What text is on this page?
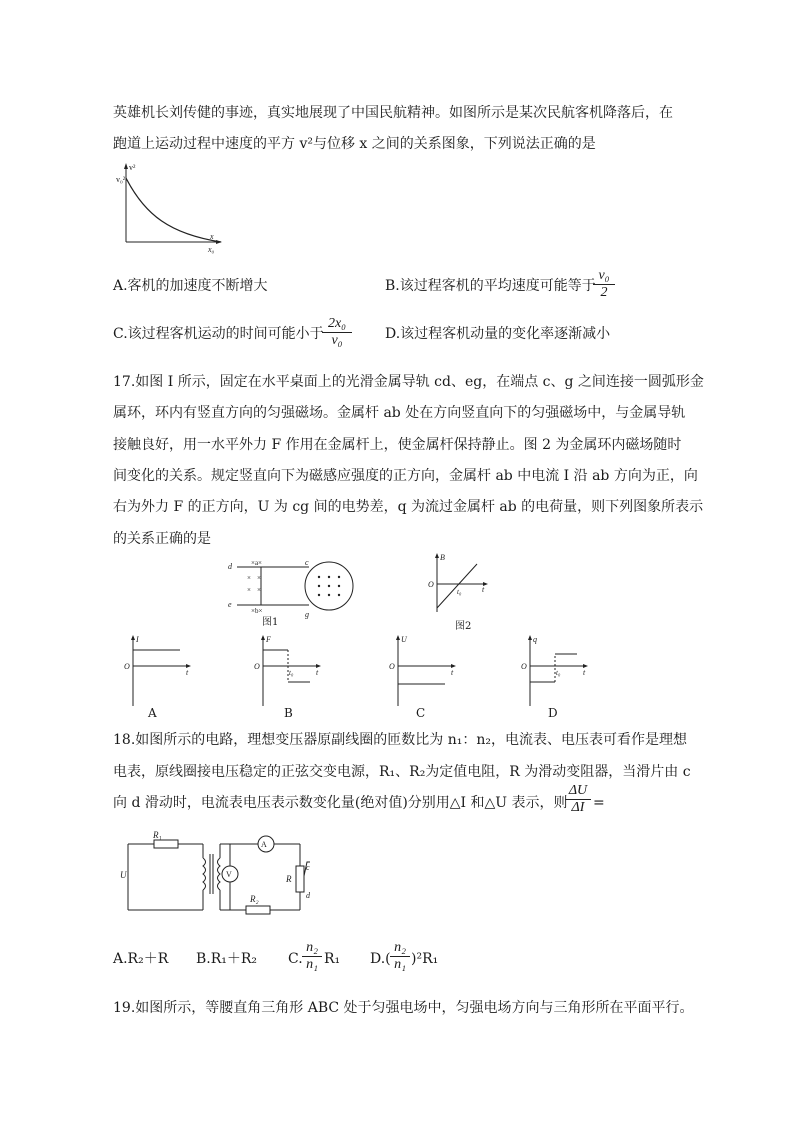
英雄机长刘传健的事迹，真实地展现了中国民航精神。如图所示是某次民航客机降落后，在
跑道上运动过程中速度的平方 v²与位移 x 之间的关系图象，下列说法正确的是
v²
v₀²
x
x₀
A.客机的加速度不断增大	B.该过程客机的平均速度可能等于
$\frac{\text{v₀}}{2}$
C.该过程客机运动的时间可能小于
$\frac{\text{2x₀}}{\text{v₀}} D$.该过程客机动量的变化率逐渐减小
17.如图 I 所示，固定在水平桌面上的光滑金属导轨 cd、eg，在端点 c、g 之间连接一圆弧形金
属环，环内有竖直方向的匀强磁场。金属杆 ab 处在方向竖直向下的匀强磁场中，与金属导轨
接触良好，用一水平外力 F 作用在金属杆上，使金属杆保持静止。图 2 为金属环内磁场随时
间变化的关系。规定竖直向下为磁感应强度的正方向，金属杆 ab 中电流 I 沿 ab 方向为正，向
右为外力 F 的正方向，U 为 cg 间的电势差，q 为流过金属杆 ab 的电荷量，则下列图象所表示
的关系正确的是
d
e
c
g
×a×
×b×
× ×
× ×
图1
B
O
t₀	t
图2
I
O
t
F
O
t₀	t
U
O
t
q
O
t₀	t
A	B	C	D
18.如图所示的电路，理想变压器原副线圈的匝数比为 n₁：n₂，电流表、电压表可看作是理想
电表，原线圈接电压稳定的正弦交变电源，R₁、R₂为定值电阻，R 为滑动变阻器，当滑片由 c
向 d 滑动时，电流表电压表示数变化量(绝对值)分别用△I 和△U 表示，则
$\frac{\Delta U}{\Delta I}$ =
R₁
U
A
V
R₂
R
c
d
A.R₂＋R B.R₁＋R₂ C. $\frac{\text{n₂}}{\text{n₁}} R_1$ $D.( \frac{\text{n₂}}{\text{n₁}} )^2R_1$
19.如图所示，等腰直角三角形 ABC 处于匀强电场中，匀强电场方向与三角形所在平面平行。
